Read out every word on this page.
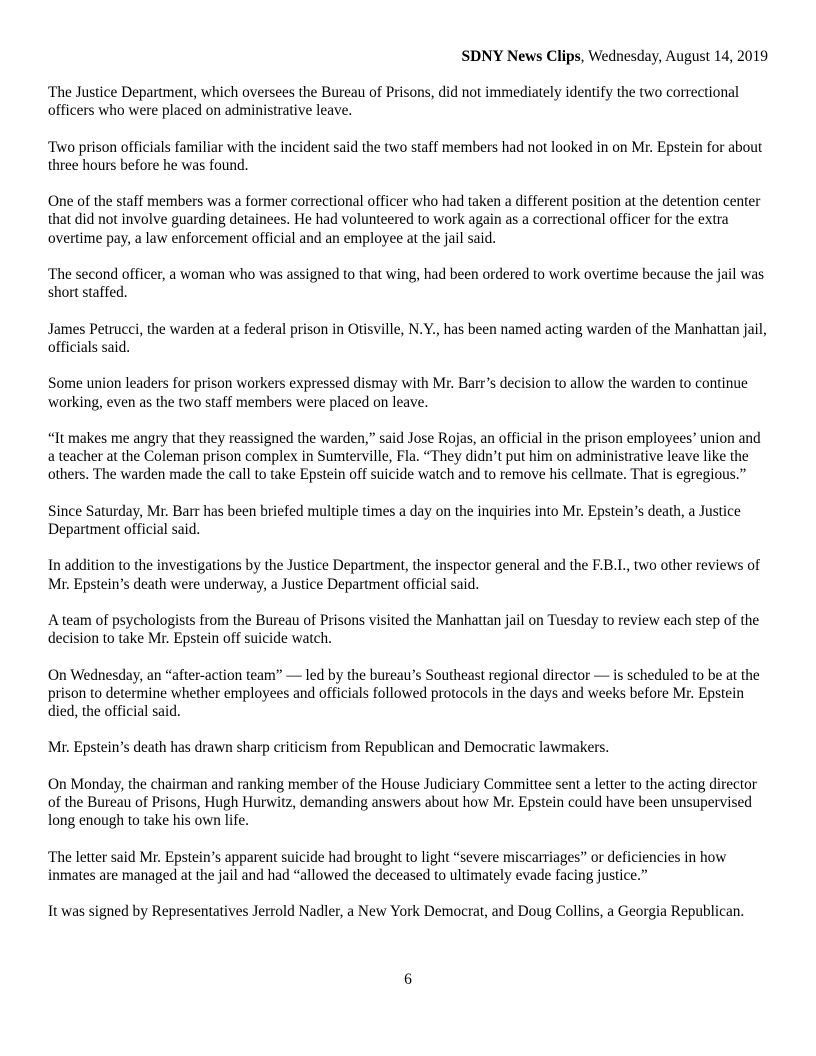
SDNY News Clips, Wednesday, August 14, 2019

The Justice Department, which oversees the Bureau of Prisons, did not immediately identify the two correctional officers who were placed on administrative leave.

Two prison officials familiar with the incident said the two staff members had not looked in on Mr. Epstein for about three hours before he was found.

One of the staff members was a former correctional officer who had taken a different position at the detention center that did not involve guarding detainees. He had volunteered to work again as a correctional officer for the extra overtime pay, a law enforcement official and an employee at the jail said.

The second officer, a woman who was assigned to that wing, had been ordered to work overtime because the jail was short staffed.

James Petrucci, the warden at a federal prison in Otisville, N.Y., has been named acting warden of the Manhattan jail, officials said.

Some union leaders for prison workers expressed dismay with Mr. Barr’s decision to allow the warden to continue working, even as the two staff members were placed on leave.

“It makes me angry that they reassigned the warden,” said Jose Rojas, an official in the prison employees’ union and a teacher at the Coleman prison complex in Sumterville, Fla. “They didn’t put him on administrative leave like the others. The warden made the call to take Epstein off suicide watch and to remove his cellmate. That is egregious.”

Since Saturday, Mr. Barr has been briefed multiple times a day on the inquiries into Mr. Epstein’s death, a Justice Department official said.

In addition to the investigations by the Justice Department, the inspector general and the F.B.I., two other reviews of Mr. Epstein’s death were underway, a Justice Department official said.

A team of psychologists from the Bureau of Prisons visited the Manhattan jail on Tuesday to review each step of the decision to take Mr. Epstein off suicide watch.

On Wednesday, an “after-action team” — led by the bureau’s Southeast regional director — is scheduled to be at the prison to determine whether employees and officials followed protocols in the days and weeks before Mr. Epstein died, the official said.

Mr. Epstein’s death has drawn sharp criticism from Republican and Democratic lawmakers.

On Monday, the chairman and ranking member of the House Judiciary Committee sent a letter to the acting director of the Bureau of Prisons, Hugh Hurwitz, demanding answers about how Mr. Epstein could have been unsupervised long enough to take his own life.

The letter said Mr. Epstein’s apparent suicide had brought to light “severe miscarriages” or deficiencies in how inmates are managed at the jail and had “allowed the deceased to ultimately evade facing justice.”

It was signed by Representatives Jerrold Nadler, a New York Democrat, and Doug Collins, a Georgia Republican.

6
